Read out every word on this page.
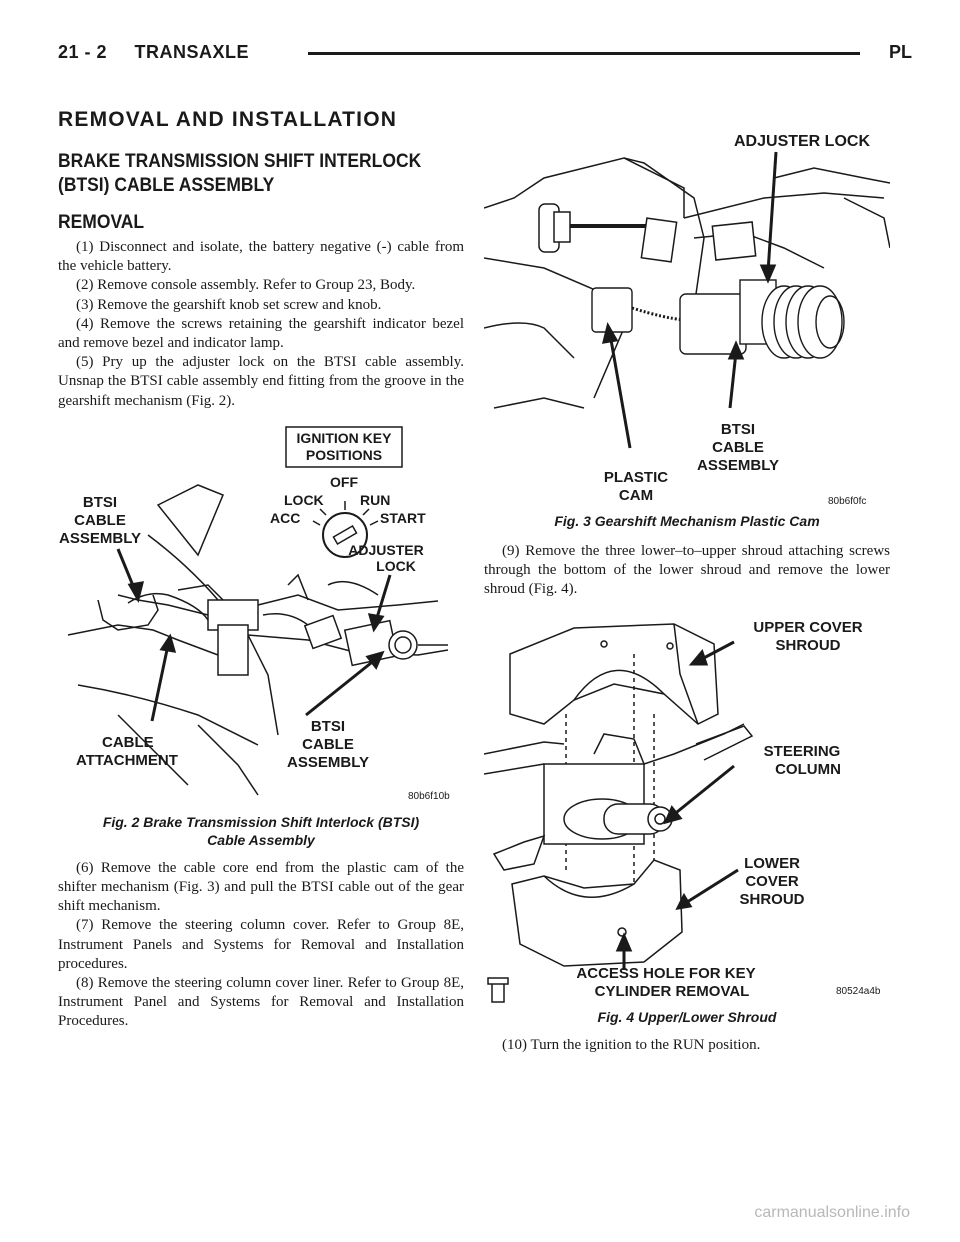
21 - 2     TRANSAXLE	PL
REMOVAL AND INSTALLATION
BRAKE TRANSMISSION SHIFT INTERLOCK
(BTSI) CABLE ASSEMBLY
REMOVAL

(1) Disconnect and isolate, the battery negative (-) cable from the vehicle battery.

(2) Remove console assembly. Refer to Group 23, Body.

(3) Remove the gearshift knob set screw and knob.

(4) Remove the screws retaining the gearshift indicator bezel and remove bezel and indicator lamp.

(5) Pry up the adjuster lock on the BTSI cable assembly. Unsnap the BTSI cable assembly end fitting from the groove in the gearshift mechanism (Fig. 2).

IGNITION KEY
POSITIONS
OFF
LOCK	RUN
ACC	START
ADJUSTER
LOCK
BTSI
CABLE
ASSEMBLY
CABLE
ATTACHMENT
BTSI
CABLE
ASSEMBLY
80b6f10b
Fig. 2 Brake Transmission Shift Interlock (BTSI)
Cable Assembly

(6) Remove the cable core end from the plastic cam of the shifter mechanism (Fig. 3) and pull the BTSI cable out of the gear shift mechanism.

(7) Remove the steering column cover. Refer to Group 8E, Instrument Panels and Systems for Removal and Installation procedures.

(8) Remove the steering column cover liner. Refer to Group 8E, Instrument Panel and Systems for Removal and Installation Procedures.

ADJUSTER LOCK
BTSI
CABLE
ASSEMBLY
PLASTIC
CAM	80b6f0fc
Fig. 3 Gearshift Mechanism Plastic Cam

(9) Remove the three lower–to–upper shroud attaching screws through the bottom of the lower shroud and remove the lower shroud (Fig. 4).

UPPER COVER
SHROUD
STEERING
COLUMN
LOWER
COVER
SHROUD
ACCESS HOLE FOR KEY
CYLINDER REMOVAL	80524a4b
Fig. 4 Upper/Lower Shroud

(10) Turn the ignition to the RUN position.

carmanualsonline.info
